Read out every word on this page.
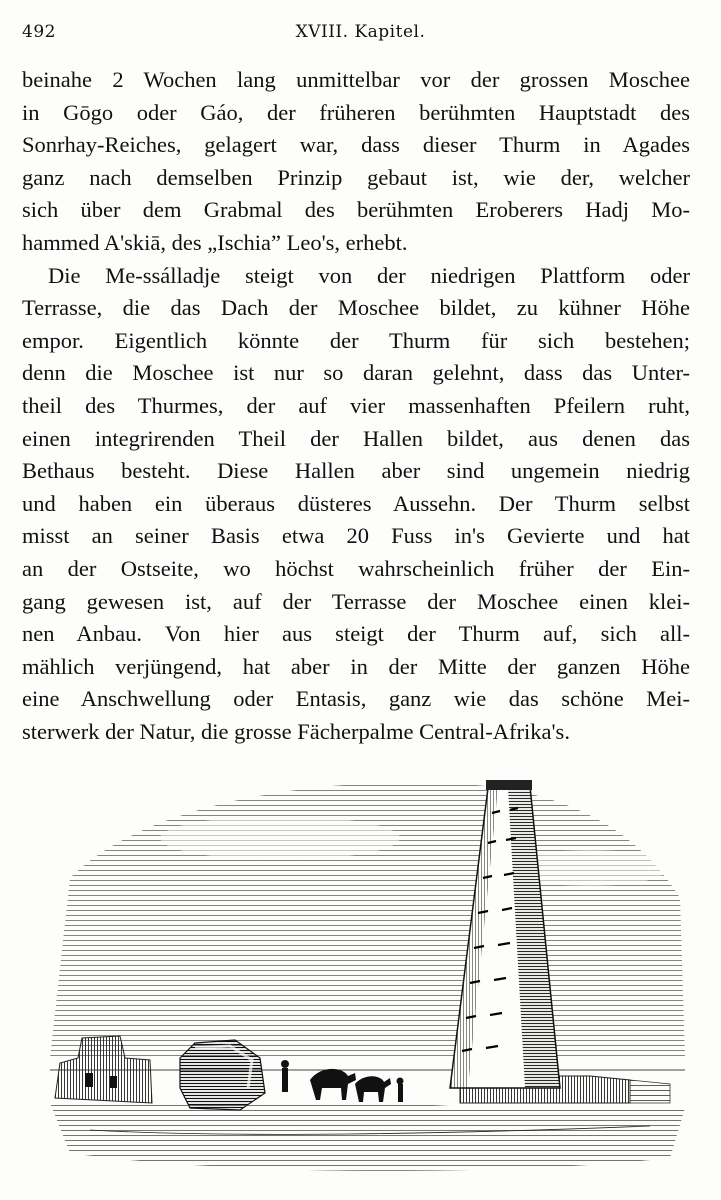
492	XVIII. Kapitel.
beinahe 2 Wochen lang unmittelbar vor der grossen Moschee
in Gōgo oder Gáo, der früheren berühmten Hauptstadt des
Sonrhay-Reiches, gelagert war, dass dieser Thurm in Agades
ganz nach demselben Prinzip gebaut ist, wie der, welcher
sich über dem Grabmal des berühmten Eroberers Hadj Mo-
hammed A'skiā, des „Ischia” Leo's, erhebt.
Die Me-ssálladje steigt von der niedrigen Plattform oder
Terrasse, die das Dach der Moschee bildet, zu kühner Höhe
empor. Eigentlich könnte der Thurm für sich bestehen;
denn die Moschee ist nur so daran gelehnt, dass das Unter-
theil des Thurmes, der auf vier massenhaften Pfeilern ruht,
einen integrirenden Theil der Hallen bildet, aus denen das
Bethaus besteht. Diese Hallen aber sind ungemein niedrig
und haben ein überaus düsteres Aussehn. Der Thurm selbst
misst an seiner Basis etwa 20 Fuss in's Gevierte und hat
an der Ostseite, wo höchst wahrscheinlich früher der Ein-
gang gewesen ist, auf der Terrasse der Moschee einen klei-
nen Anbau. Von hier aus steigt der Thurm auf, sich all-
mählich verjüngend, hat aber in der Mitte der ganzen Höhe
eine Anschwellung oder Entasis, ganz wie das schöne Mei-
sterwerk der Natur, die grosse Fächerpalme Central-Afrika's.
